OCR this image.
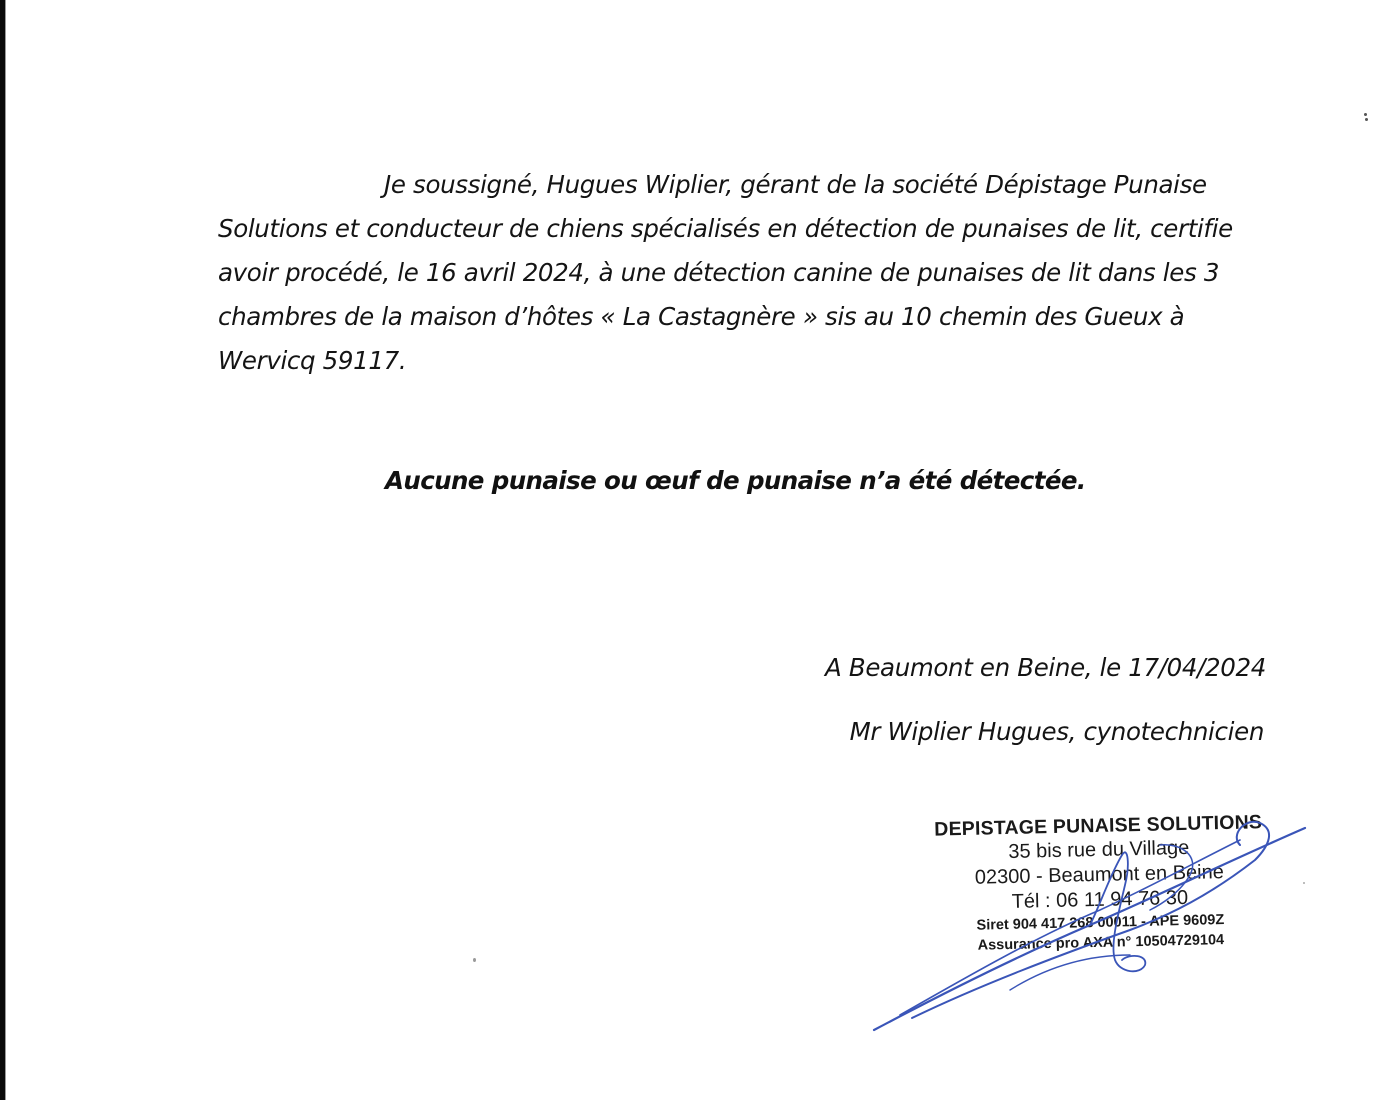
Je soussigné, Hugues Wiplier, gérant de la société Dépistage Punaise
Solutions et conducteur de chiens spécialisés en détection de punaises de lit, certifie
avoir procédé, le 16 avril 2024, à une détection canine de punaises de lit dans les 3
chambres de la maison d’hôtes « La Castagnère » sis au 10 chemin des Gueux à
Wervicq 59117.
Aucune punaise ou œuf de punaise n’a été détectée.
A Beaumont en Beine, le 17/04/2024
Mr Wiplier Hugues, cynotechnicien
DEPISTAGE PUNAISE SOLUTIONS
35 bis rue du Village
02300 - Beaumont en Beine
Tél : 06 11 94 76 30
Siret 904 417 268 00011 - APE 9609Z
Assurance pro AXA n° 10504729104
